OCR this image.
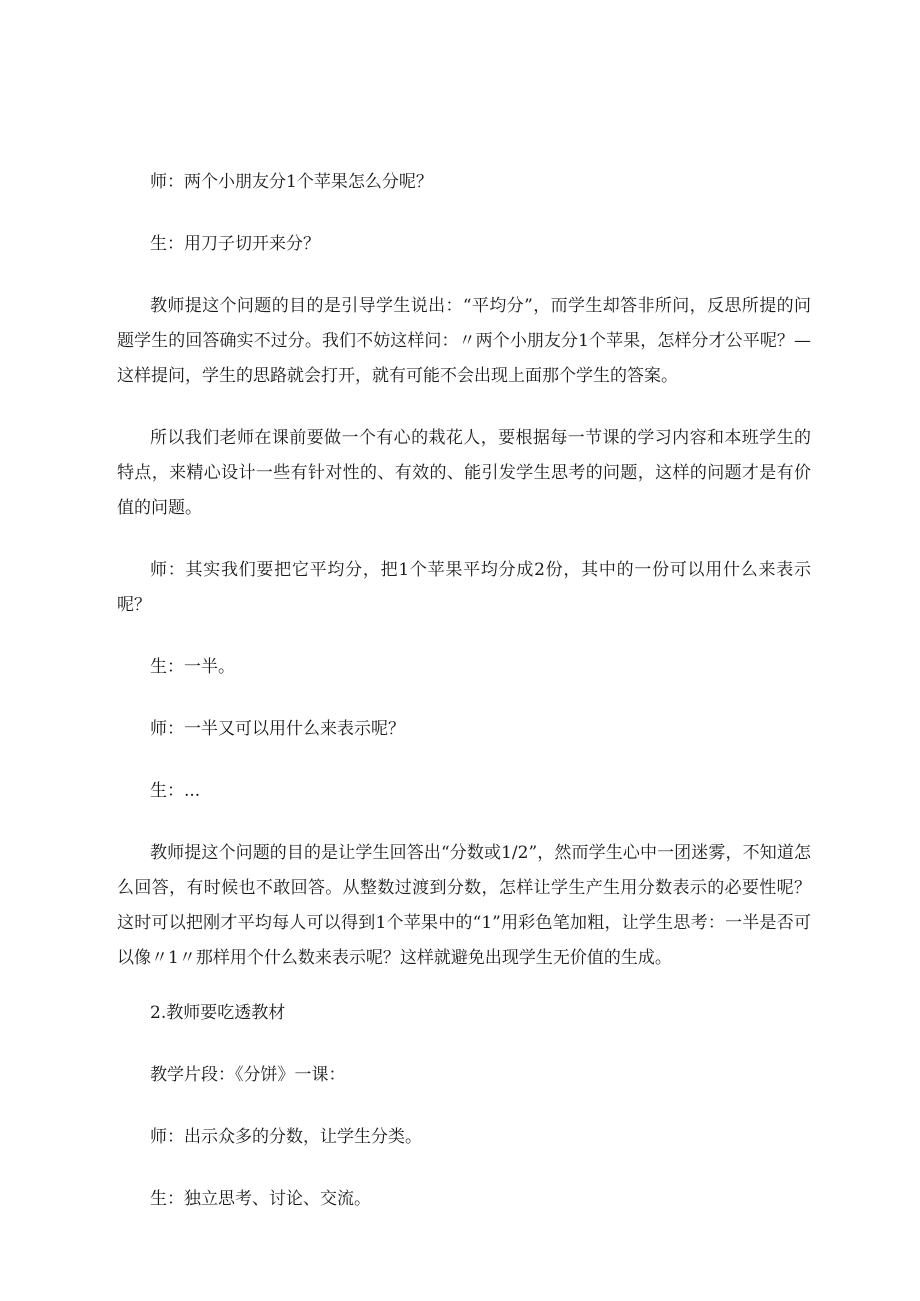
师：两个小朋友分1个苹果怎么分呢？

生：用刀子切开来分？

教师提这个问题的目的是引导学生说出：“平均分”，而学生却答非所问，反思所提的问题学生的回答确实不过分。我们不妨这样问：〃两个小朋友分1个苹果，怎样分才公平呢？—这样提问，学生的思路就会打开，就有可能不会出现上面那个学生的答案。

所以我们老师在课前要做一个有心的栽花人，要根据每一节课的学习内容和本班学生的特点，来精心设计一些有针对性的、有效的、能引发学生思考的问题，这样的问题才是有价值的问题。

师：其实我们要把它平均分，把1个苹果平均分成2份，其中的一份可以用什么来表示呢？

生：一半。

师：一半又可以用什么来表示呢？

生：...

教师提这个问题的目的是让学生回答出“分数或1/2”，然而学生心中一团迷雾，不知道怎么回答，有时候也不敢回答。从整数过渡到分数，怎样让学生产生用分数表示的必要性呢？这时可以把刚才平均每人可以得到1个苹果中的“1”用彩色笔加粗，让学生思考：一半是否可以像〃1〃那样用个什么数来表示呢？这样就避免出现学生无价值的生成。

2.教师要吃透教材

教学片段：《分饼》一课：

师：出示众多的分数，让学生分类。

生：独立思考、讨论、交流。
